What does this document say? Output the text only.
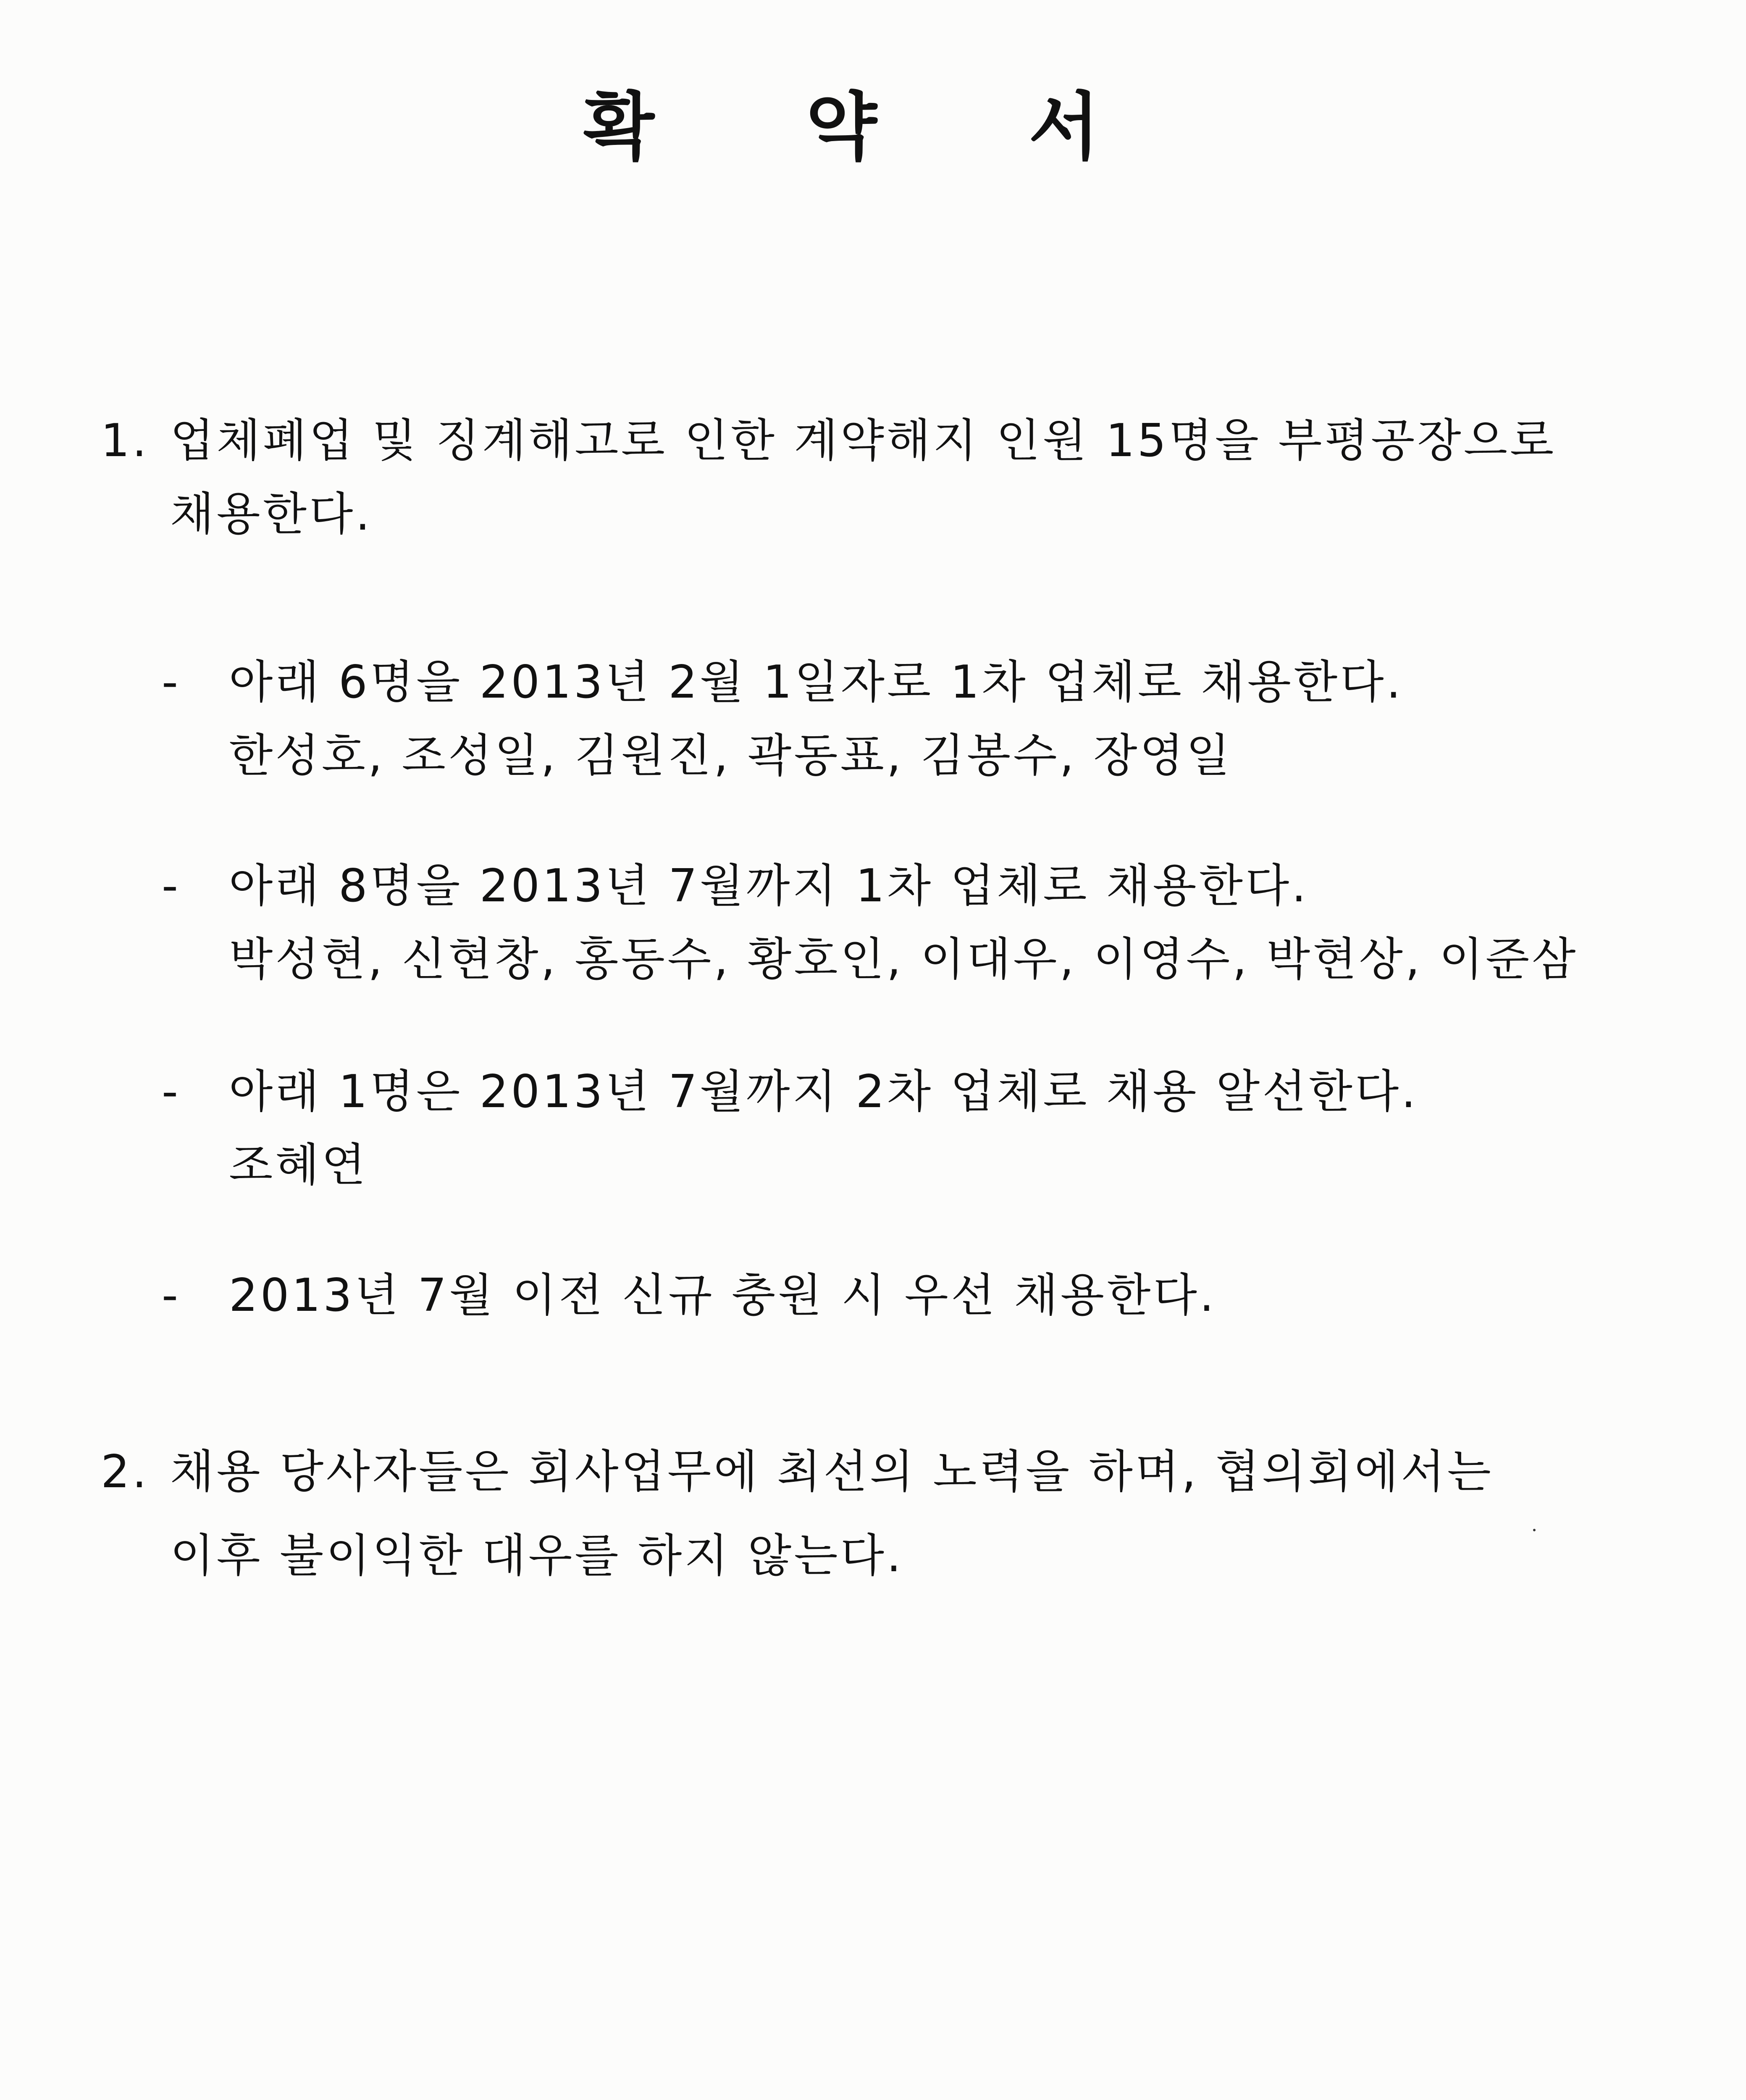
확 약 서
1. 업체폐업 및 징계해고로 인한 계약해지 인원 15명을 부평공장으로
채용한다.
- 아래 6명을 2013년 2월 1일자로 1차 업체로 채용한다.
한성호, 조성일, 김원진, 곽동표, 김봉수, 장영일
- 아래 8명을 2013년 7월까지 1차 업체로 채용한다.
박성현, 신현창, 홍동수, 황호인, 이대우, 이영수, 박현상, 이준삼
- 아래 1명은 2013년 7월까지 2차 업체로 채용 알선한다.
조혜연
- 2013년 7월 이전 신규 충원 시 우선 채용한다.
2. 채용 당사자들은 회사업무에 최선의 노력을 하며, 협의회에서는
이후 불이익한 대우를 하지 않는다.
